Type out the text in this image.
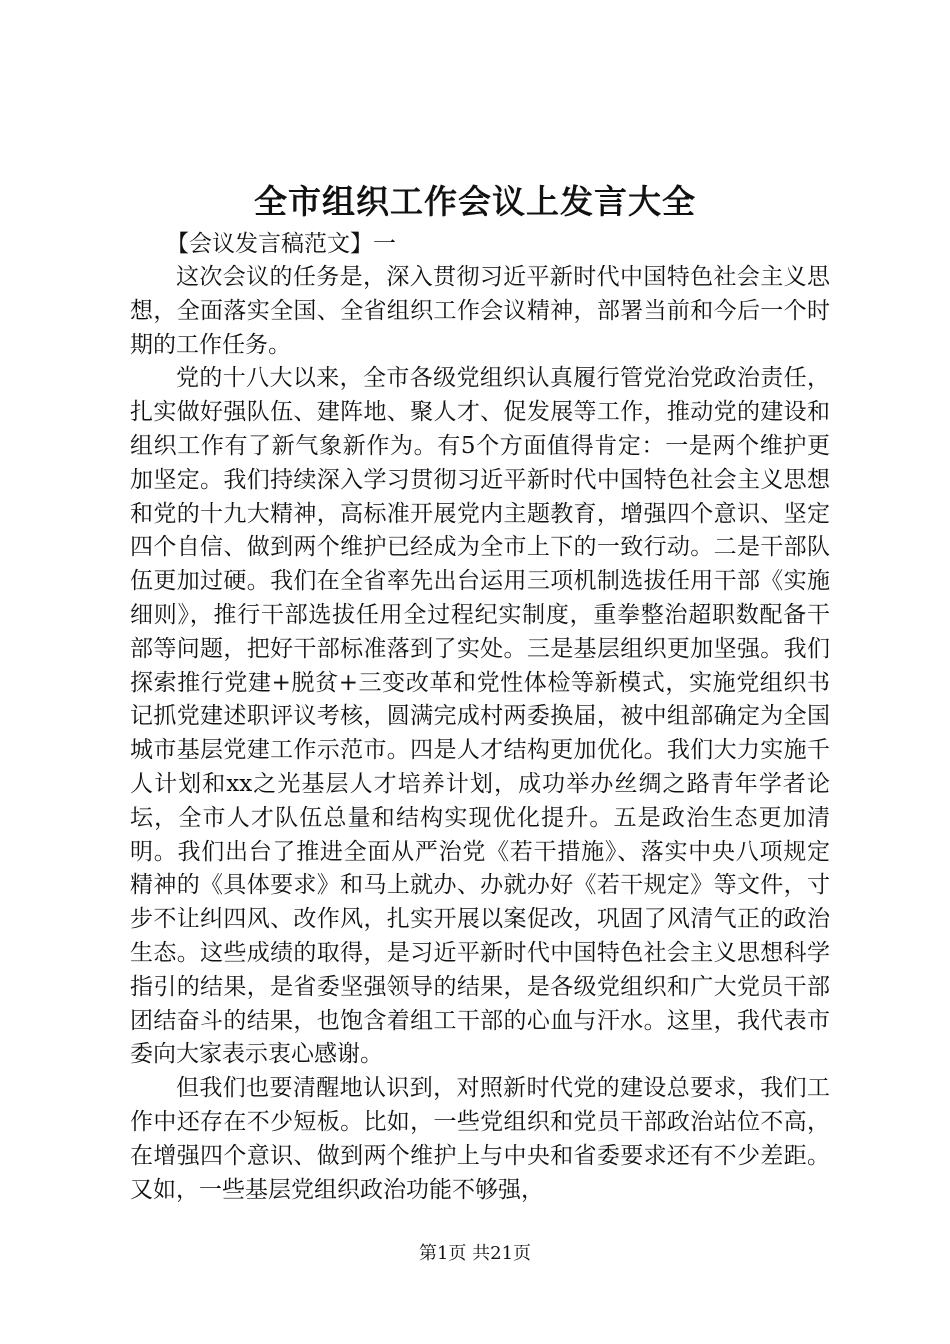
全市组织工作会议上发言大全

【会议发言稿范文】一

这次会议的任务是，深入贯彻习近平新时代中国特色社会主义思想，全面落实全国、全省组织工作会议精神，部署当前和今后一个时期的工作任务。

党的十八大以来，全市各级党组织认真履行管党治党政治责任，扎实做好强队伍、建阵地、聚人才、促发展等工作，推动党的建设和组织工作有了新气象新作为。有5个方面值得肯定：一是两个维护更加坚定。我们持续深入学习贯彻习近平新时代中国特色社会主义思想和党的十九大精神，高标准开展党内主题教育，增强四个意识、坚定四个自信、做到两个维护已经成为全市上下的一致行动。二是干部队伍更加过硬。我们在全省率先出台运用三项机制选拔任用干部《实施细则》，推行干部选拔任用全过程纪实制度，重拳整治超职数配备干部等问题，把好干部标准落到了实处。三是基层组织更加坚强。我们探索推行党建+脱贫+三变改革和党性体检等新模式，实施党组织书记抓党建述职评议考核，圆满完成村两委换届，被中组部确定为全国城市基层党建工作示范市。四是人才结构更加优化。我们大力实施千人计划和xx之光基层人才培养计划，成功举办丝绸之路青年学者论坛，全市人才队伍总量和结构实现优化提升。五是政治生态更加清明。我们出台了推进全面从严治党《若干措施》、落实中央八项规定精神的《具体要求》和马上就办、办就办好《若干规定》等文件，寸步不让纠四风、改作风，扎实开展以案促改，巩固了风清气正的政治生态。这些成绩的取得，是习近平新时代中国特色社会主义思想科学指引的结果，是省委坚强领导的结果，是各级党组织和广大党员干部团结奋斗的结果，也饱含着组工干部的心血与汗水。这里，我代表市委向大家表示衷心感谢。

但我们也要清醒地认识到，对照新时代党的建设总要求，我们工作中还存在不少短板。比如，一些党组织和党员干部政治站位不高，在增强四个意识、做到两个维护上与中央和省委要求还有不少差距。又如，一些基层党组织政治功能不够强，

第1页 共21页
